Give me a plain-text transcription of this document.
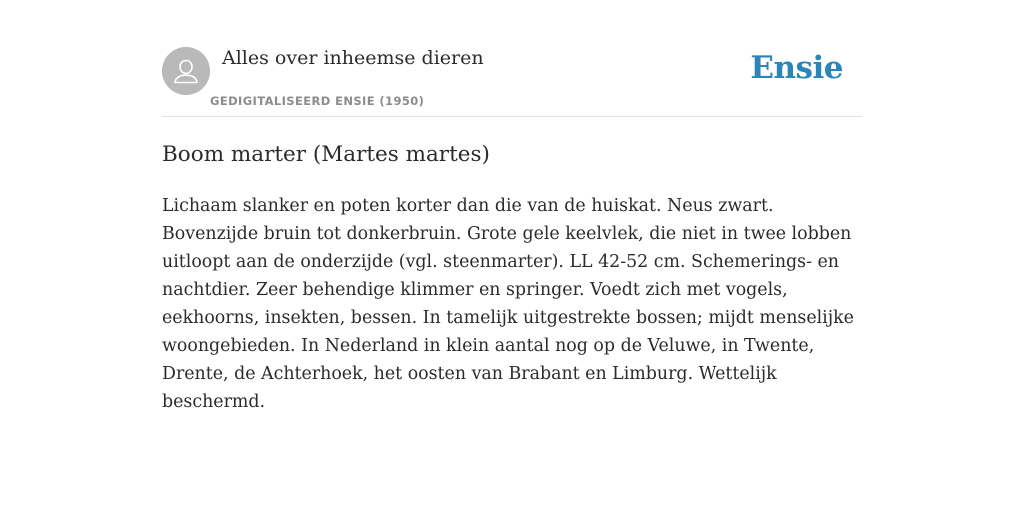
Alles over inheemse dieren
GEDIGITALISEERD ENSIE (1950)
Ensie
Boom marter (Martes martes)

Lichaam slanker en poten korter dan die van de huiskat. Neus zwart. Bovenzijde bruin tot donkerbruin. Grote gele keelvlek, die niet in twee lobben uitloopt aan de onderzijde (vgl. steenmarter). LL 42-52 cm. Schemerings- en nachtdier. Zeer behendige klimmer en springer. Voedt zich met vogels, eekhoorns, insekten, bessen. In tamelijk uitgestrekte bossen; mijdt menselijke woongebieden. In Nederland in klein aantal nog op de Veluwe, in Twente, Drente, de Achterhoek, het oosten van Brabant en Limburg. Wettelijk beschermd.
